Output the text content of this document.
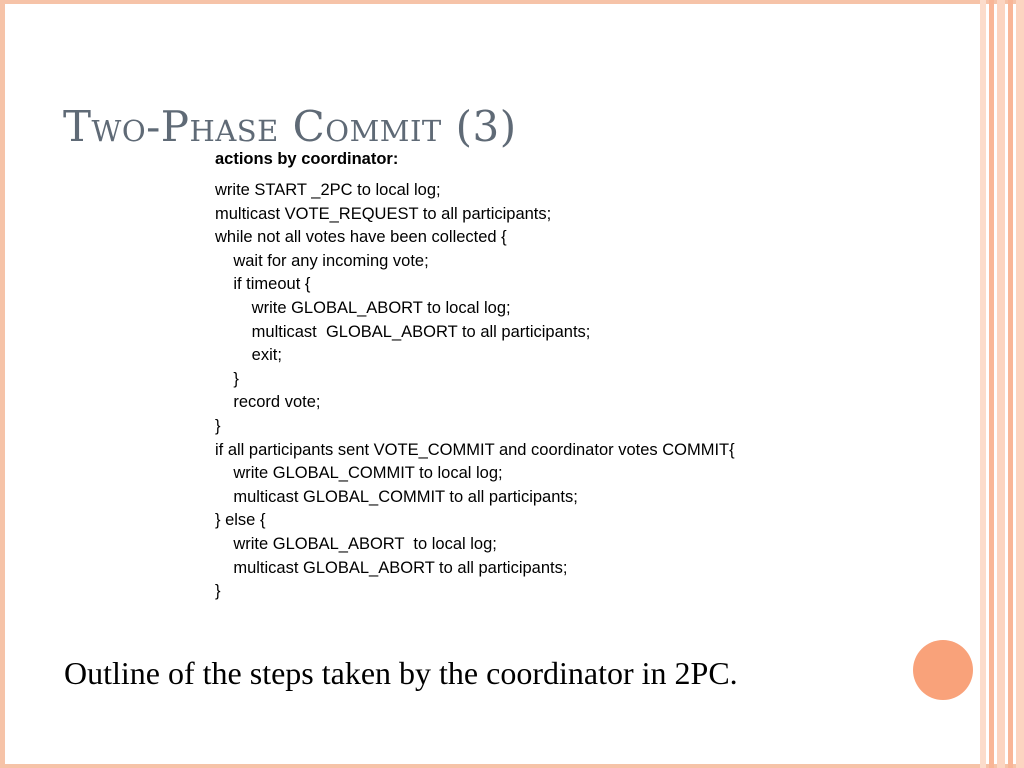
Two-Phase Commit (3)
actions by coordinator:
write START _2PC to local log;
multicast VOTE_REQUEST to all participants;
while not all votes have been collected {
wait for any incoming vote;
if timeout {
write GLOBAL_ABORT to local log;
multicast  GLOBAL_ABORT to all participants;
exit;
}
record vote;
}
if all participants sent VOTE_COMMIT and coordinator votes COMMIT{
write GLOBAL_COMMIT to local log;
multicast GLOBAL_COMMIT to all participants;
} else {
write GLOBAL_ABORT  to local log;
multicast GLOBAL_ABORT to all participants;
}
Outline of the steps taken by the coordinator in 2PC.
